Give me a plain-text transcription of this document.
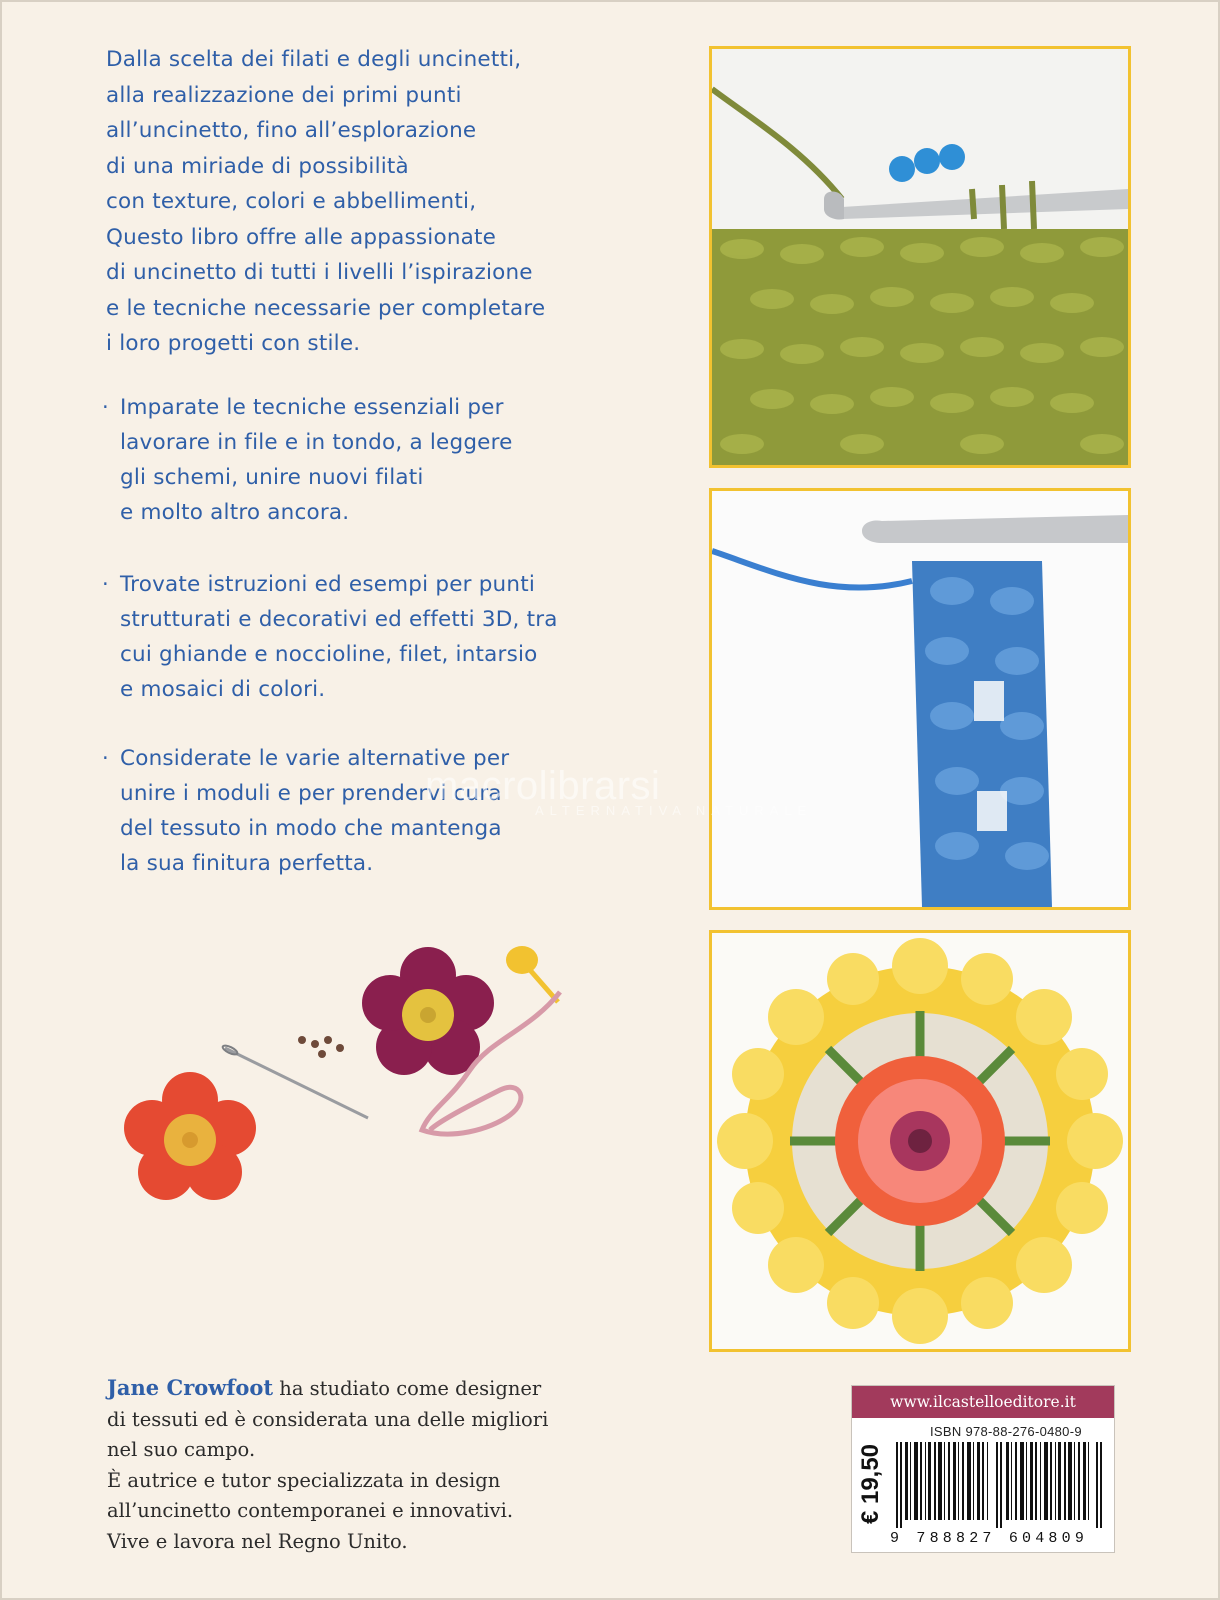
Dalla scelta dei filati e degli uncinetti,

alla realizzazione dei primi punti

all’uncinetto, fino all’esplorazione

di una miriade di possibilità

con texture, colori e abbellimenti,

Questo libro offre alle appassionate

di uncinetto di tutti i livelli l’ispirazione

e le tecniche necessarie per completare

i loro progetti con stile.

· Imparate le tecniche essenziali per
lavorare in file e in tondo, a leggere
gli schemi, unire nuovi filati
e molto altro ancora.
· Trovate istruzioni ed esempi per punti
strutturati e decorativi ed effetti 3D, tra
cui ghiande e noccioline, filet, intarsio
e mosaici di colori.
· Considerate le varie alternative per
unire i moduli e per prendervi cura
del tessuto in modo che mantenga
la sua finitura perfetta.
macrolibrarsi
ALTERNATIVA NATURALE
Jane Crowfoot ha studiato come designer
di tessuti ed è considerata una delle migliori
nel suo campo.
È autrice e tutor specializzata in design
all’uncinetto contemporanei e innovativi.
Vive e lavora nel Regno Unito.
www.ilcastelloeditore.it
ISBN 978-88-276-0480-9
€ 19,50
9 788827 604809
